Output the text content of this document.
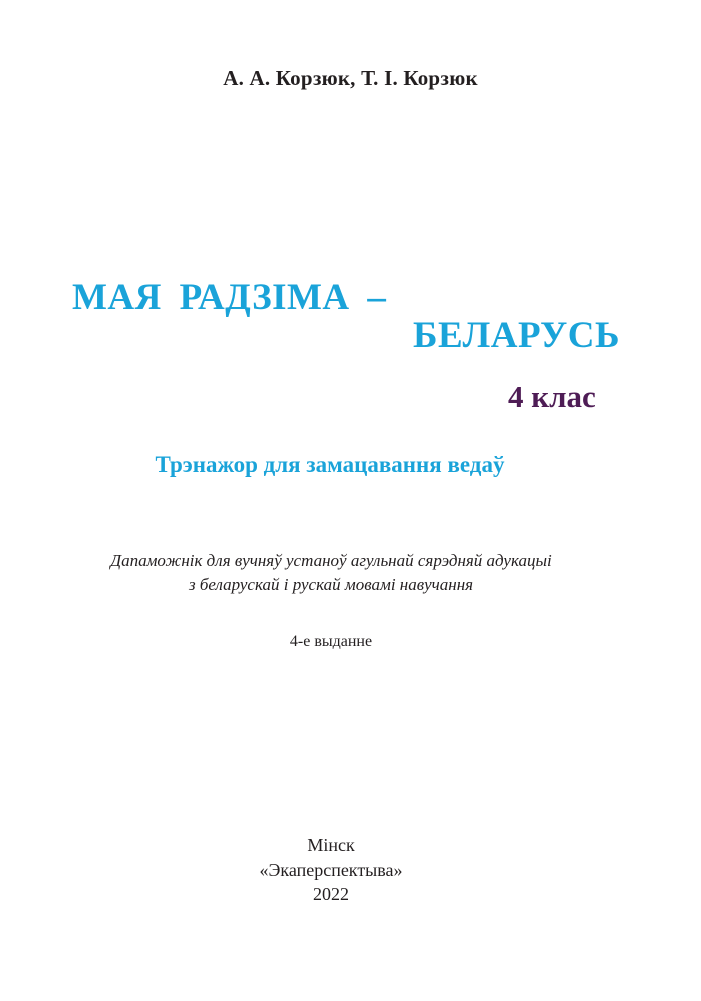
А. А. Корзюк, Т. І. Корзюк
МАЯ РАДЗІМА –
БЕЛАРУСЬ
4 клас
Трэнажор для замацавання ведаў
Дапаможнік для вучняў устаноў агульнай сярэдняй адукацыі
з беларускай і рускай мовамі навучання
4-е выданне
Мінск
«Экаперспектыва»
2022
